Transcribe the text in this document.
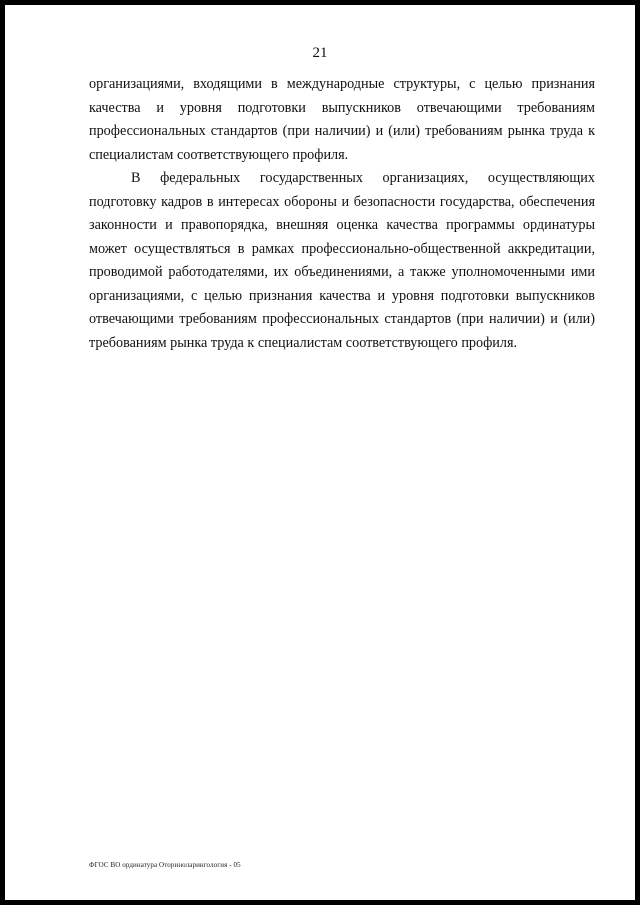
21

организациями, входящими в международные структуры, с целью признания качества и уровня подготовки выпускников отвечающими требованиям профессиональных стандартов (при наличии) и (или) требованиям рынка труда к специалистам соответствующего профиля.

В федеральных государственных организациях, осуществляющих подготовку кадров в интересах обороны и безопасности государства, обеспечения законности и правопорядка, внешняя оценка качества программы ординатуры может осуществляться в рамках профессионально-общественной аккредитации, проводимой работодателями, их объединениями, а также уполномоченными ими организациями, с целью признания качества и уровня подготовки выпускников отвечающими требованиям профессиональных стандартов (при наличии) и (или) требованиям рынка труда к специалистам соответствующего профиля.

ФГОС ВО ординатура Оториноларингология - 05
